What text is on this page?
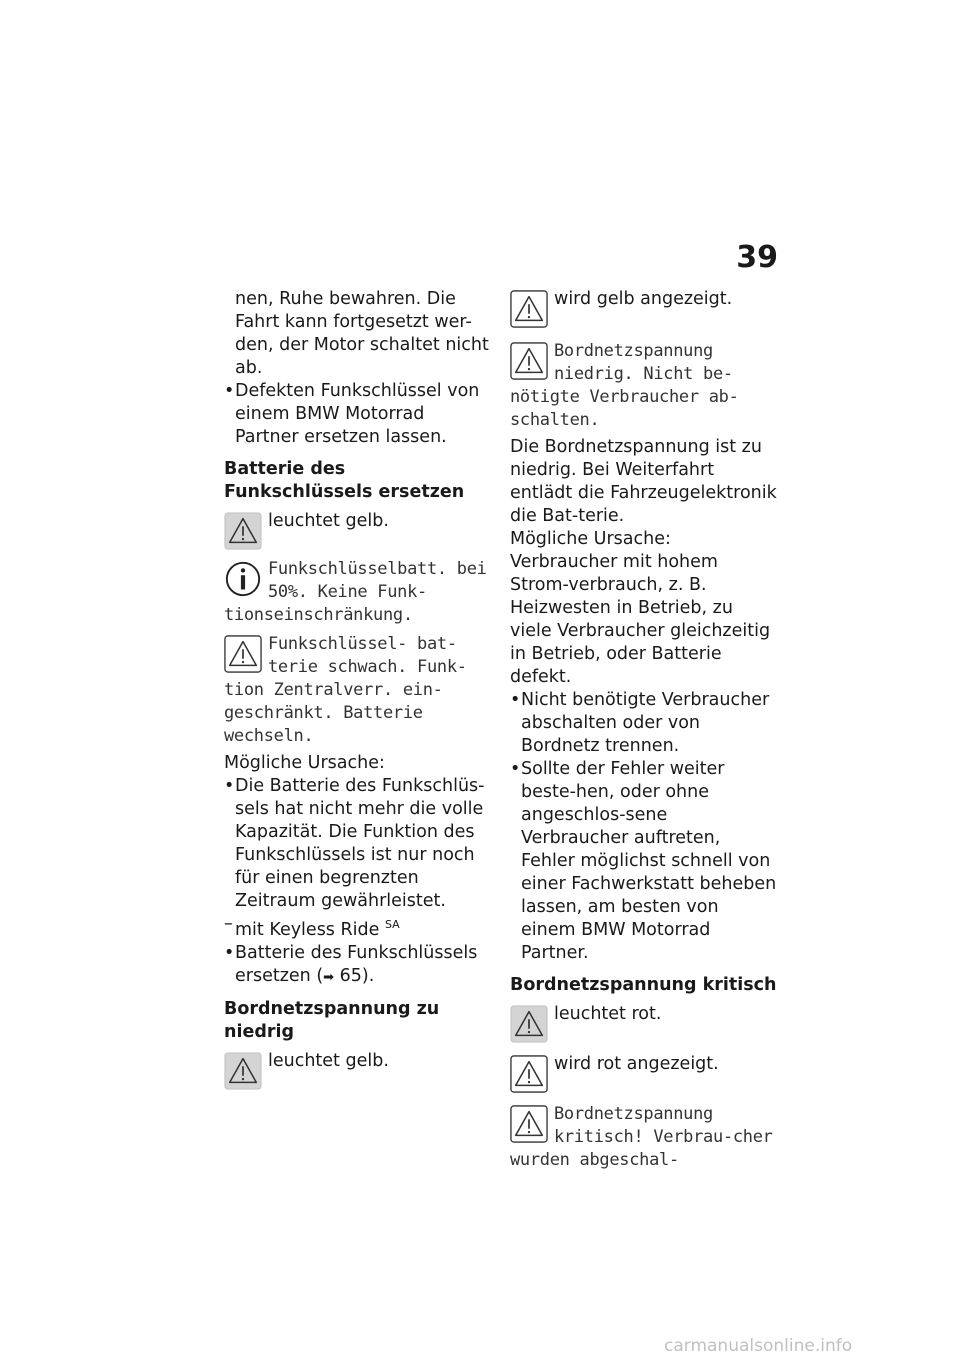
39

nen, Ruhe bewahren. Die Fahrt kann fortgesetzt wer-den, der Motor schaltet nicht ab.

• Defekten Funkschlüssel von einem BMW Motorrad Partner ersetzen lassen.

Batterie des Funkschlüssels ersetzen

leuchtet gelb.

Funkschlüsselbatt. bei 50%. Keine Funk-tionseinschränkung.

Funkschlüssel- bat-terie schwach. Funk-tion Zentralverr. ein-geschränkt. Batterie wechseln.

Mögliche Ursache:

• Die Batterie des Funkschlüs-sels hat nicht mehr die volle Kapazität. Die Funktion des Funkschlüssels ist nur noch für einen begrenzten Zeitraum gewährleistet.

– mit Keyless Ride $^{SA}$

• Batterie des Funkschlüssels ersetzen (➡ 65).

Bordnetzspannung zu niedrig

leuchtet gelb.

wird gelb angezeigt.

Bordnetzspannung niedrig. Nicht be-nötigte Verbraucher ab-schalten.

Die Bordnetzspannung ist zu niedrig. Bei Weiterfahrt entlädt die Fahrzeugelektronik die Bat-terie.

Mögliche Ursache:

Verbraucher mit hohem Strom-verbrauch, z. B. Heizwesten in Betrieb, zu viele Verbraucher gleichzeitig in Betrieb, oder Batterie defekt.

• Nicht benötigte Verbraucher abschalten oder von Bordnetz trennen.

• Sollte der Fehler weiter beste-hen, oder ohne angeschlos-sene Verbraucher auftreten, Fehler möglichst schnell von einer Fachwerkstatt beheben lassen, am besten von einem BMW Motorrad Partner.

Bordnetzspannung kritisch

leuchtet rot.

wird rot angezeigt.

Bordnetzspannung kritisch! Verbrau-cher wurden abgeschal-

carmanualsonline.info
